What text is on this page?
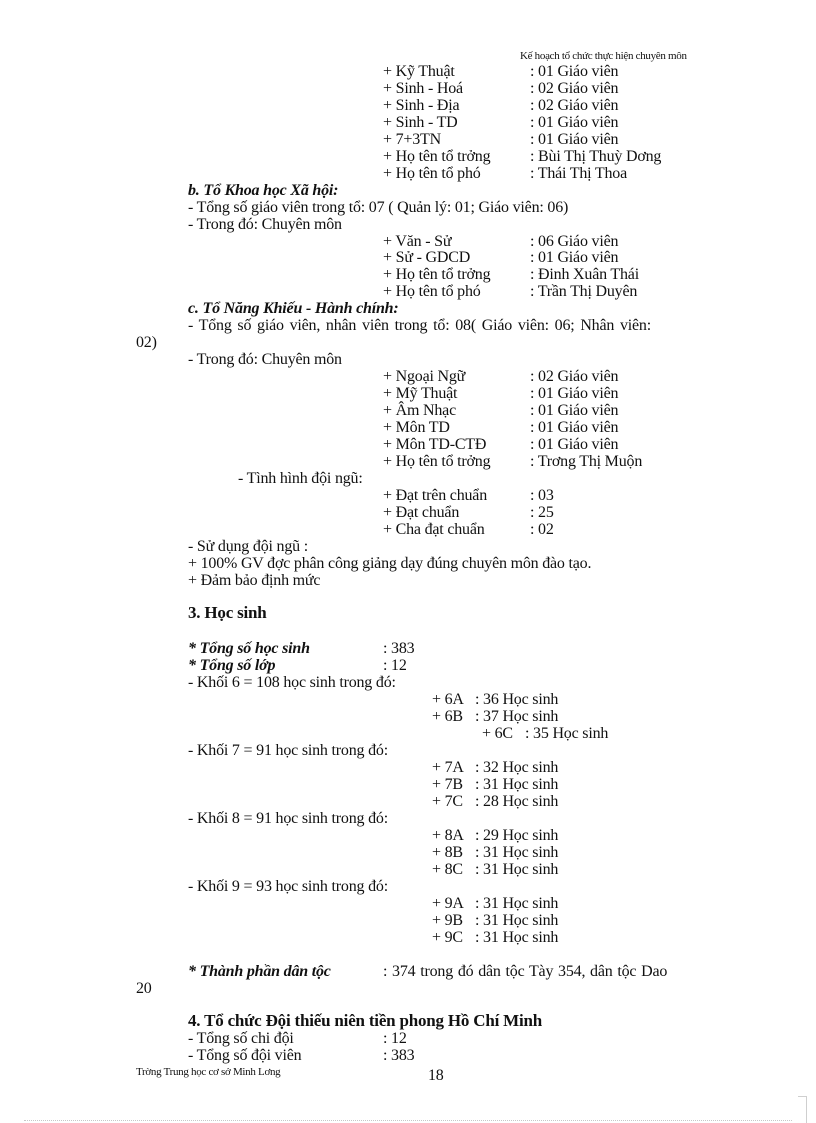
Kế hoạch tổ chức thực hiện chuyên môn
+ Kỹ Thuật	: 01 Giáo viên
+ Sinh - Hoá	: 02 Giáo viên
+ Sinh - Địa	: 02 Giáo viên
+ Sinh - TD	: 01 Giáo viên
+ 7+3TN	: 01 Giáo viên
+ Họ tên tổ trởng : Bùi Thị Thuỳ Dơng
+ Họ tên tổ phó	: Thái Thị Thoa
b. Tổ Khoa học Xã hội:
- Tổng số giáo viên trong tổ: 07 ( Quản lý: 01; Giáo viên: 06)
- Trong đó: Chuyên môn
+ Văn - Sử	: 06 Giáo viên
+ Sử - GDCD	: 01 Giáo viên
+ Họ tên tổ trởng : Đinh Xuân Thái
+ Họ tên tổ phó	: Trần Thị Duyên
c. Tổ Năng Khiếu - Hành chính:
- Tổng số giáo viên, nhân viên trong tổ: 08( Giáo viên: 06; Nhân viên:
02)
- Trong đó: Chuyên môn
+ Ngoại Ngữ	: 02 Giáo viên
+ Mỹ Thuật	: 01 Giáo viên
+ Âm Nhạc	: 01 Giáo viên
+ Môn TD	: 01 Giáo viên
+ Môn TD-CTĐ	: 01 Giáo viên
+ Họ tên tổ trởng : Trơng Thị Muộn
- Tình hình đội ngũ:
+ Đạt trên chuẩn	: 03
+ Đạt chuẩn	: 25
+ Cha đạt chuẩn	: 02
- Sử dụng đội ngũ :
+ 100% GV đợc phân công giảng dạy đúng chuyên môn đào tạo.
+ Đảm bảo định mức
3. Học sinh
* Tổng số học sinh	: 383
* Tổng số lớp	: 12
- Khối 6 = 108 học sinh trong đó:
+ 6A : 36 Học sinh
+ 6B : 37 Học sinh
+ 6C : 35 Học sinh
- Khối 7 = 91 học sinh trong đó:
+ 7A : 32 Học sinh
+ 7B : 31 Học sinh
+ 7C : 28 Học sinh
- Khối 8 = 91 học sinh trong đó:
+ 8A : 29 Học sinh
+ 8B : 31 Học sinh
+ 8C : 31 Học sinh
- Khối 9 = 93 học sinh trong đó:
+ 9A : 31 Học sinh
+ 9B : 31 Học sinh
+ 9C : 31 Học sinh
* Thành phần dân tộc	: 374 trong đó dân tộc Tày 354, dân tộc Dao
20
4. Tổ chức Đội thiếu niên tiền phong Hồ Chí Minh
- Tổng số chi đội	: 12
- Tổng số đội viên	: 383
Trờng Trung học cơ sở Minh Lơng	18
